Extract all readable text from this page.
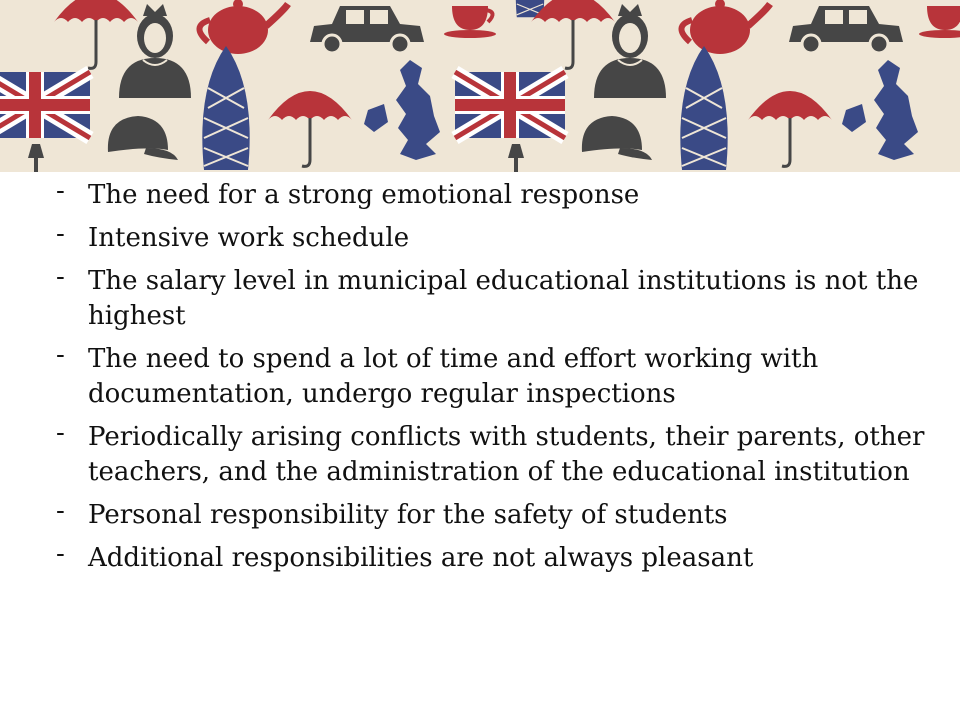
- The need for a strong emotional response
- Intensive work schedule
- The salary level in municipal educational institutions is not the highest
- The need to spend a lot of time and effort working with documentation, undergo regular inspections
- Periodically arising conflicts with students, their parents, other teachers, and the administration of the educational institution
- Personal responsibility for the safety of students
- Additional responsibilities are not always pleasant
